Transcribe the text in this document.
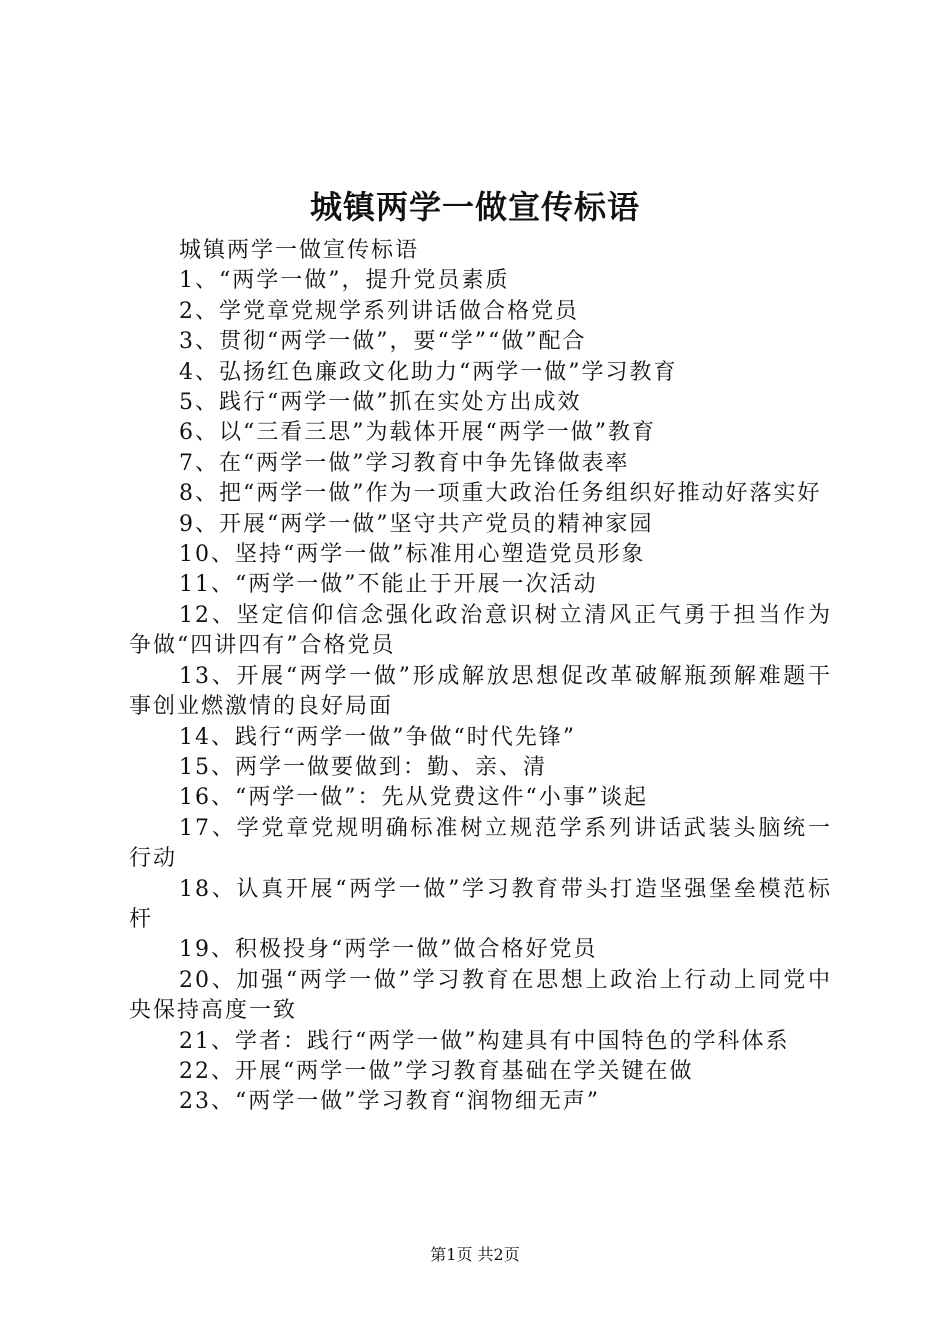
城镇两学一做宣传标语

城镇两学一做宣传标语

1、“两学一做”，提升党员素质

2、学党章党规学系列讲话做合格党员

3、贯彻“两学一做”，要“学”“做”配合

4、弘扬红色廉政文化助力“两学一做”学习教育

5、践行“两学一做”抓在实处方出成效

6、以“三看三思”为载体开展“两学一做”教育

7、在“两学一做”学习教育中争先锋做表率

8、把“两学一做”作为一项重大政治任务组织好推动好落实好

9、开展“两学一做”坚守共产党员的精神家园

10、坚持“两学一做”标准用心塑造党员形象

11、“两学一做”不能止于开展一次活动

12、坚定信仰信念强化政治意识树立清风正气勇于担当作为争做“四讲四有”合格党员

13、开展“两学一做”形成解放思想促改革破解瓶颈解难题干事创业燃激情的良好局面

14、践行“两学一做”争做“时代先锋”

15、两学一做要做到：勤、亲、清

16、“两学一做”：先从党费这件“小事”谈起

17、学党章党规明确标准树立规范学系列讲话武装头脑统一行动

18、认真开展“两学一做”学习教育带头打造坚强堡垒模范标杆

19、积极投身“两学一做”做合格好党员

20、加强“两学一做”学习教育在思想上政治上行动上同党中央保持高度一致

21、学者：践行“两学一做”构建具有中国特色的学科体系

22、开展“两学一做”学习教育基础在学关键在做

23、“两学一做”学习教育“润物细无声”

第1页 共2页
